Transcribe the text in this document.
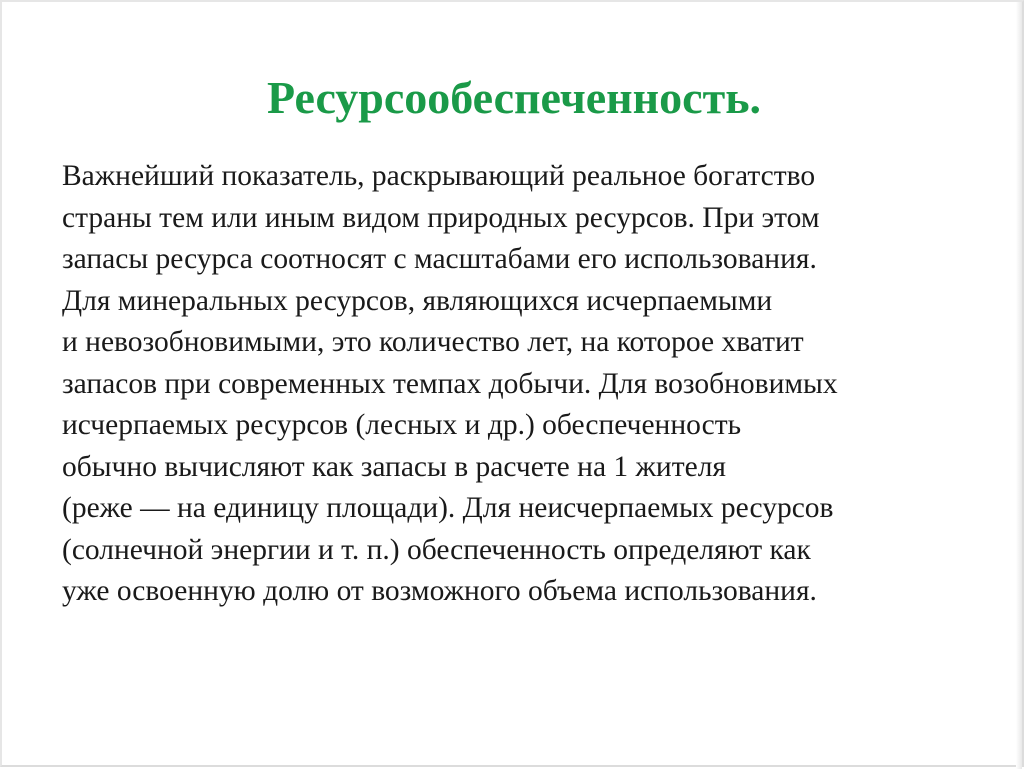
Ресурсообеспеченность.
Важнейший показатель, раскрывающий реальное богатство
страны тем или иным видом природных ресурсов. При этом
запасы ресурса соотносят с масштабами его использования.
Для минеральных ресурсов, являющихся исчерпаемыми
и невозобновимыми, это количество лет, на которое хватит
запасов при современных темпах добычи. Для возобновимых
исчерпаемых ресурсов (лесных и др.) обеспеченность
обычно вычисляют как запасы в расчете на 1 жителя
(реже — на единицу площади). Для неисчерпаемых ресурсов
(солнечной энергии и т. п.) обеспеченность определяют как
уже освоенную долю от возможного объема использования.
